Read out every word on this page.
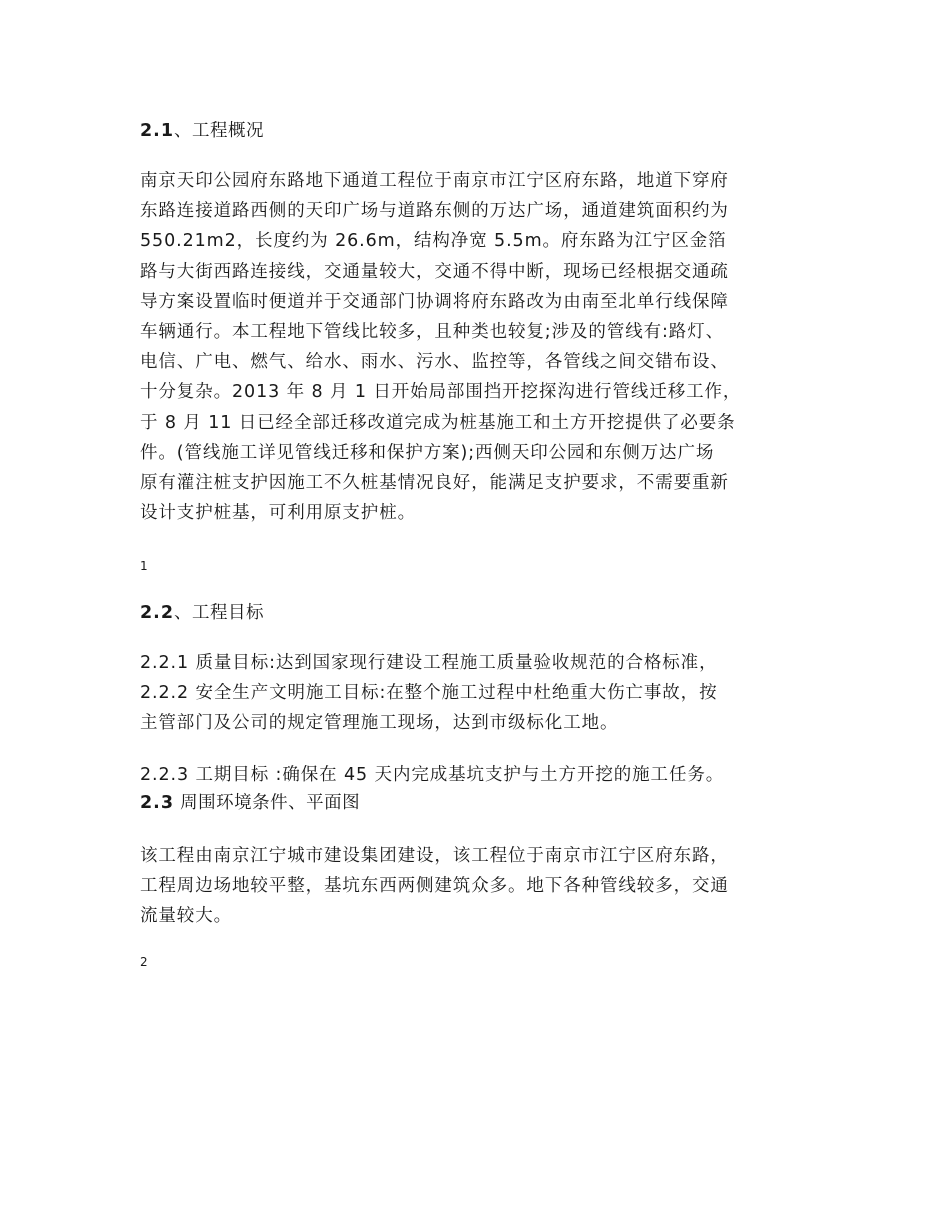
2.1、工程概况
南京天印公园府东路地下通道工程位于南京市江宁区府东路，地道下穿府
东路连接道路西侧的天印广场与道路东侧的万达广场，通道建筑面积约为
550.21m2，长度约为 26.6m，结构净宽 5.5m。府东路为江宁区金箔
路与大街西路连接线，交通量较大，交通不得中断，现场已经根据交通疏
导方案设置临时便道并于交通部门协调将府东路改为由南至北单行线保障
车辆通行。本工程地下管线比较多，且种类也较复;涉及的管线有:路灯、
电信、广电、燃气、给水、雨水、污水、监控等，各管线之间交错布设、
十分复杂。2013 年 8 月 1 日开始局部围挡开挖探沟进行管线迁移工作，
于 8 月 11 日已经全部迁移改道完成为桩基施工和土方开挖提供了必要条
件。(管线施工详见管线迁移和保护方案);西侧天印公园和东侧万达广场
原有灌注桩支护因施工不久桩基情况良好，能满足支护要求，不需要重新
设计支护桩基，可利用原支护桩。
1
2.2、工程目标
2.2.1 质量目标:达到国家现行建设工程施工质量验收规范的合格标准，
2.2.2 安全生产文明施工目标:在整个施工过程中杜绝重大伤亡事故，按
主管部门及公司的规定管理施工现场，达到市级标化工地。
2.2.3 工期目标 :确保在 45 天内完成基坑支护与土方开挖的施工任务。
2.3 周围环境条件、平面图
该工程由南京江宁城市建设集团建设，该工程位于南京市江宁区府东路，
工程周边场地较平整，基坑东西两侧建筑众多。地下各种管线较多，交通
流量较大。
2
